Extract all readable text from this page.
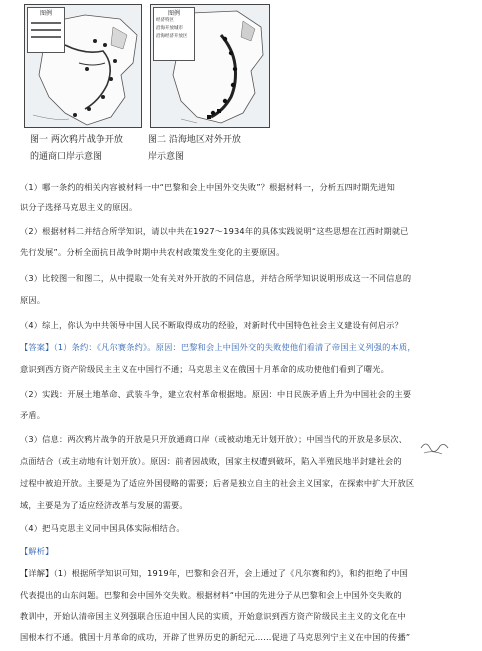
图例	图例
经济特区
沿海开放城市
沿海经济开放区
图一 两次鸦片战争开放
的通商口岸示意图
图二 沿海地区对外开放
岸示意图
（1）哪一条约的相关内容被材料一中“巴黎和会上中国外交失败”？根据材料一，分析五四时期先进知
识分子选择马克思主义的原因。
（2）根据材料二并结合所学知识，请以中共在1927～1934年的具体实践说明“这些思想在江西时期就已
先行发展”。分析全面抗日战争时期中共农村政策发生变化的主要原因。
（3）比较图一和图二，从中提取一处有关对外开放的不同信息，并结合所学知识说明形成这一不同信息的
原因。
（4）综上，你认为中共领导中国人民不断取得成功的经验，对新时代中国特色社会主义建设有何启示？
【答案】（1）条约：《凡尔赛条约》。原因：巴黎和会上中国外交的失败使他们看清了帝国主义列强的本质，
意识到西方资产阶级民主主义在中国行不通；马克思主义在俄国十月革命的成功使他们看到了曙光。
（2）实践：开展土地革命、武装斗争，建立农村革命根据地。原因：中日民族矛盾上升为中国社会的主要
矛盾。
（3）信息：两次鸦片战争的开放是只开放通商口岸（或被动地无计划开放）；中国当代的开放是多层次、
点面结合（或主动地有计划开放）。原因：前者因战败，国家主权遭到破坏，陷入半殖民地半封建社会的
过程中被迫开放。主要是为了适应外国侵略的需要；后者是独立自主的社会主义国家，在探索中扩大开放区
域，主要是为了适应经济改革与发展的需要。
（4）把马克思主义同中国具体实际相结合。
【解析】
【详解】（1）根据所学知识可知，1919年，巴黎和会召开，会上通过了《凡尔赛和约》，和约拒绝了中国
代表提出的山东问题。巴黎和会中国外交失败。根据材料“中国的先进分子从巴黎和会上中国外交失败的
教训中，开始认清帝国主义列强联合压迫中国人民的实质，开始意识到西方资产阶级民主主义的文化在中
国根本行不通。俄国十月革命的成功，开辟了世界历史的新纪元……促进了马克思列宁主义在中国的传播”
